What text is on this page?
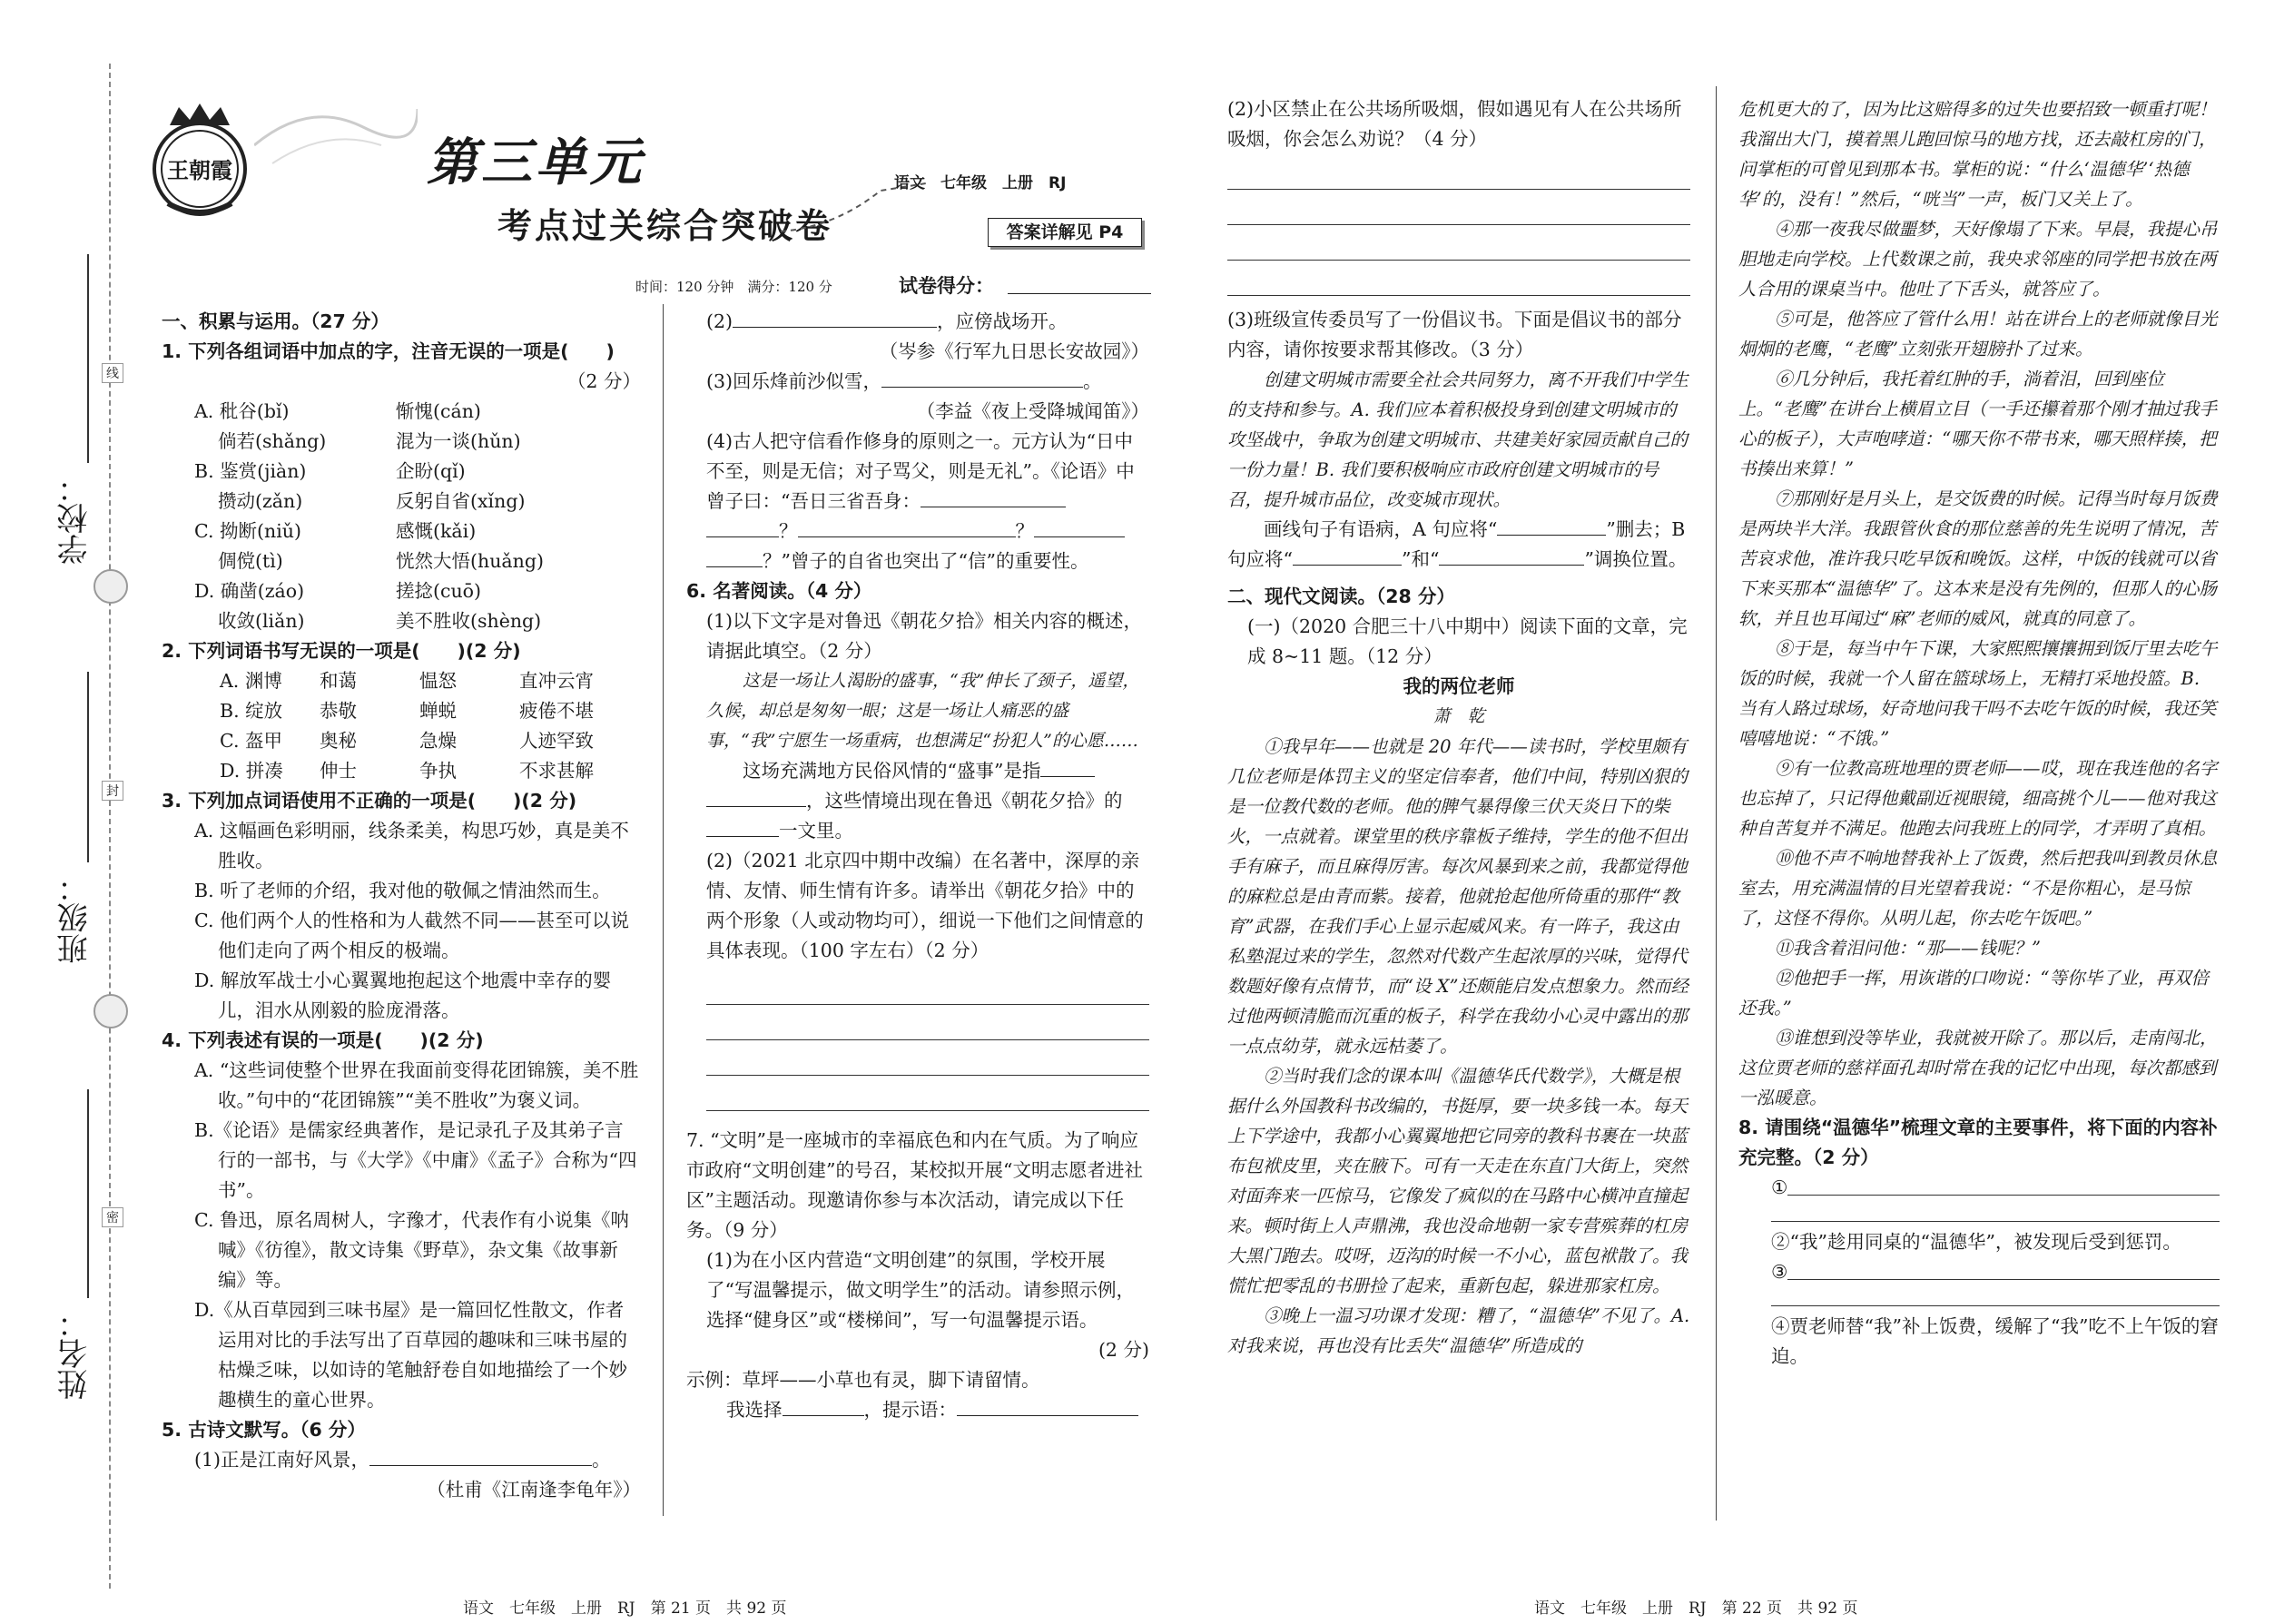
线
封
密
学校：
班级：
姓名：
王朝霞	第三单元
考点过关综合突破卷
语文　七年级　上册　RJ
答案详解见 P4
时间：120 分钟　满分：120 分	试卷得分：

一、积累与运用。（27 分）

1. 下列各组词语中加点的字，注音无误的一项是(　　)

（2 分）

A. 秕谷(bǐ)	惭愧(cán)
倘若(shǎng)	混为一谈(hǔn)
B. 鉴赏(jiàn)	企盼(qǐ)
攒动(zǎn)	反躬自省(xǐng)
C. 拗断(niǔ)	感慨(kǎi)
倜傥(tì)	恍然大悟(huǎng)
D. 确凿(záo)	搓捻(cuō)
收敛(liǎn)	美不胜收(shèng)

2. 下列词语书写无误的一项是(　　)(2 分)

A. 渊博	和蔼	愠怒	直冲云宵
B. 绽放	恭敬	蝉蜕	疲倦不堪
C. 盔甲	奥秘	急燥	人迹罕致
D. 拼凑	伸士	争执	不求甚解

3. 下列加点词语使用不正确的一项是(　　)(2 分)

A. 这幅画色彩明丽，线条柔美，构思巧妙，真是美不胜收。

B. 听了老师的介绍，我对他的敬佩之情油然而生。

C. 他们两个人的性格和为人截然不同——甚至可以说他们走向了两个相反的极端。

D. 解放军战士小心翼翼地抱起这个地震中幸存的婴儿，泪水从刚毅的脸庞滑落。

4. 下列表述有误的一项是(　　)(2 分)

A. “这些词使整个世界在我面前变得花团锦簇，美不胜收。”句中的“花团锦簇”“美不胜收”为褒义词。

B.《论语》是儒家经典著作，是记录孔子及其弟子言行的一部书，与《大学》《中庸》《孟子》合称为“四书”。

C. 鲁迅，原名周树人，字豫才，代表作有小说集《呐喊》《彷徨》，散文诗集《野草》，杂文集《故事新编》等。

D.《从百草园到三味书屋》是一篇回忆性散文，作者运用对比的手法写出了百草园的趣味和三味书屋的枯燥乏味，以如诗的笔触舒卷自如地描绘了一个妙趣横生的童心世界。

5. 古诗文默写。（6 分）

(1)正是江南好风景，	。

（杜甫《江南逢李龟年》）

(2)	，应傍战场开。

（岑参《行军九日思长安故园》）

(3)回乐烽前沙似雪，	。

（李益《夜上受降城闻笛》）

(4)古人把守信看作修身的原则之一。元方认为“日中不至，则是无信；对子骂父，则是无礼”。《论语》中曾子曰：“吾日三省吾身：

？	？

？”曾子的自省也突出了“信”的重要性。

6. 名著阅读。（4 分）

(1)以下文字是对鲁迅《朝花夕拾》相关内容的概述，请据此填空。（2 分）

这是一场让人渴盼的盛事，“我”伸长了颈子，遥望，久候，却总是匆匆一眼；这是一场让人痛恶的盛事，“我”宁愿生一场重病，也想满足“扮犯人”的心愿……

这场充满地方民俗风情的“盛事”是指，这些情境出现在鲁迅《朝花夕拾》的一文里。

(2)（2021 北京四中期中改编）在名著中，深厚的亲情、友情、师生情有许多。请举出《朝花夕拾》中的两个形象（人或动物均可），细说一下他们之间情意的具体表现。（100 字左右）（2 分）

7. “文明”是一座城市的幸福底色和内在气质。为了响应市政府“文明创建”的号召，某校拟开展“文明志愿者进社区”主题活动。现邀请你参与本次活动，请完成以下任务。（9 分）

(1)为在小区内营造“文明创建”的氛围，学校开展了“写温馨提示，做文明学生”的活动。请参照示例，选择“健身区”或“楼梯间”，写一句温馨提示语。

(2 分)

示例：草坪——小草也有灵，脚下请留情。

我选择	，提示语：

(2)小区禁止在公共场所吸烟，假如遇见有人在公共场所吸烟，你会怎么劝说？（4 分）

(3)班级宣传委员写了一份倡议书。下面是倡议书的部分内容，请你按要求帮其修改。（3 分）

创建文明城市需要全社会共同努力，离不开我们中学生的支持和参与。A. 我们应本着积极投身到创建文明城市的攻坚战中，争取为创建文明城市、共建美好家园贡献自己的一份力量！B. 我们要积极响应市政府创建文明城市的号召，提升城市品位，改变城市现状。

画线句子有语病，A 句应将“	”删去；B 句应将“	”和“	”调换位置。

二、现代文阅读。（28 分）

(一)（2020 合肥三十八中期中）阅读下面的文章，完成 8~11 题。（12 分）

我的两位老师

萧　乾

①我早年——也就是 20 年代——读书时，学校里颇有几位老师是体罚主义的坚定信奉者，他们中间，特别凶狠的是一位教代数的老师。他的脾气暴得像三伏天炎日下的柴火，一点就着。课堂里的秩序靠板子维持，学生的他不但出手有麻子，而且麻得厉害。每次风暴到来之前，我都觉得他的麻粒总是由青而紫。接着，他就抢起他所倚重的那件“教育”武器，在我们手心上显示起威风来。有一阵子，我这由私塾混过来的学生，忽然对代数产生起浓厚的兴味，觉得代数题好像有点情节，而“设 X”还颇能启发点想象力。然而经过他两顿清脆而沉重的板子，科学在我幼小心灵中露出的那一点点幼芽，就永远枯萎了。

②当时我们念的课本叫《温德华氏代数学》，大概是根据什么外国教科书改编的，书挺厚，要一块多钱一本。每天上下学途中，我都小心翼翼地把它同旁的教科书裹在一块蓝布包袱皮里，夹在腋下。可有一天走在东直门大街上，突然对面奔来一匹惊马，它像发了疯似的在马路中心横冲直撞起来。顿时街上人声鼎沸，我也没命地朝一家专营殡葬的杠房大黑门跑去。哎呀，迈沟的时候一不小心，蓝包袱散了。我慌忙把零乱的书册捡了起来，重新包起，躲进那家杠房。

③晚上一温习功课才发现：糟了，“温德华”不见了。A. 对我来说，再也没有比丢失“温德华”所造成的

危机更大的了，因为比这赔得多的过失也要招致一顿重打呢！我溜出大门，摸着黑儿跑回惊马的地方找，还去敲杠房的门，问掌柜的可曾见到那本书。掌柜的说：“什么‘温德华’‘热德华’的，没有！”然后，“咣当”一声，板门又关上了。

④那一夜我尽做噩梦，天好像塌了下来。早晨，我提心吊胆地走向学校。上代数课之前，我央求邻座的同学把书放在两人合用的课桌当中。他吐了下舌头，就答应了。

⑤可是，他答应了管什么用！站在讲台上的老师就像目光炯炯的老鹰，“老鹰”立刻张开翅膀扑了过来。

⑥几分钟后，我托着红肿的手，淌着泪，回到座位上。“老鹰”在讲台上横眉立目（一手还攥着那个刚才抽过我手心的板子），大声咆哮道：“哪天你不带书来，哪天照样揍，把书揍出来算！”

⑦那刚好是月头上，是交饭费的时候。记得当时每月饭费是两块半大洋。我跟管伙食的那位慈善的先生说明了情况，苦苦哀求他，准许我只吃早饭和晚饭。这样，中饭的钱就可以省下来买那本“温德华”了。这本来是没有先例的，但那人的心肠软，并且也耳闻过“麻”老师的威风，就真的同意了。

⑧于是，每当中午下课，大家熙熙攘攘拥到饭厅里去吃午饭的时候，我就一个人留在篮球场上，无精打采地投篮。B. 当有人路过球场，好奇地问我干吗不去吃午饭的时候，我还笑嘻嘻地说：“不饿。”

⑨有一位教高班地理的贾老师——哎，现在我连他的名字也忘掉了，只记得他戴副近视眼镜，细高挑个儿——他对我这种自苦复并不满足。他跑去问我班上的同学，才弄明了真相。

⑩他不声不响地替我补上了饭费，然后把我叫到教员休息室去，用充满温情的目光望着我说：“不是你粗心，是马惊了，这怪不得你。从明儿起，你去吃午饭吧。”

⑪我含着泪问他：“那——钱呢？”

⑫他把手一挥，用诙谐的口吻说：“等你毕了业，再双倍还我。”

⑬谁想到没等毕业，我就被开除了。那以后，走南闯北，这位贾老师的慈祥面孔却时常在我的记忆中出现，每次都感到一泓暖意。

8. 请围绕“温德华”梳理文章的主要事件，将下面的内容补充完整。（2 分）

①

②“我”趁用同桌的“温德华”，被发现后受到惩罚。

③

④贾老师替“我”补上饭费，缓解了“我”吃不上午饭的窘迫。

语文　七年级　上册　RJ　第 21 页　共 92 页	语文　七年级　上册　RJ　第 22 页　共 92 页
